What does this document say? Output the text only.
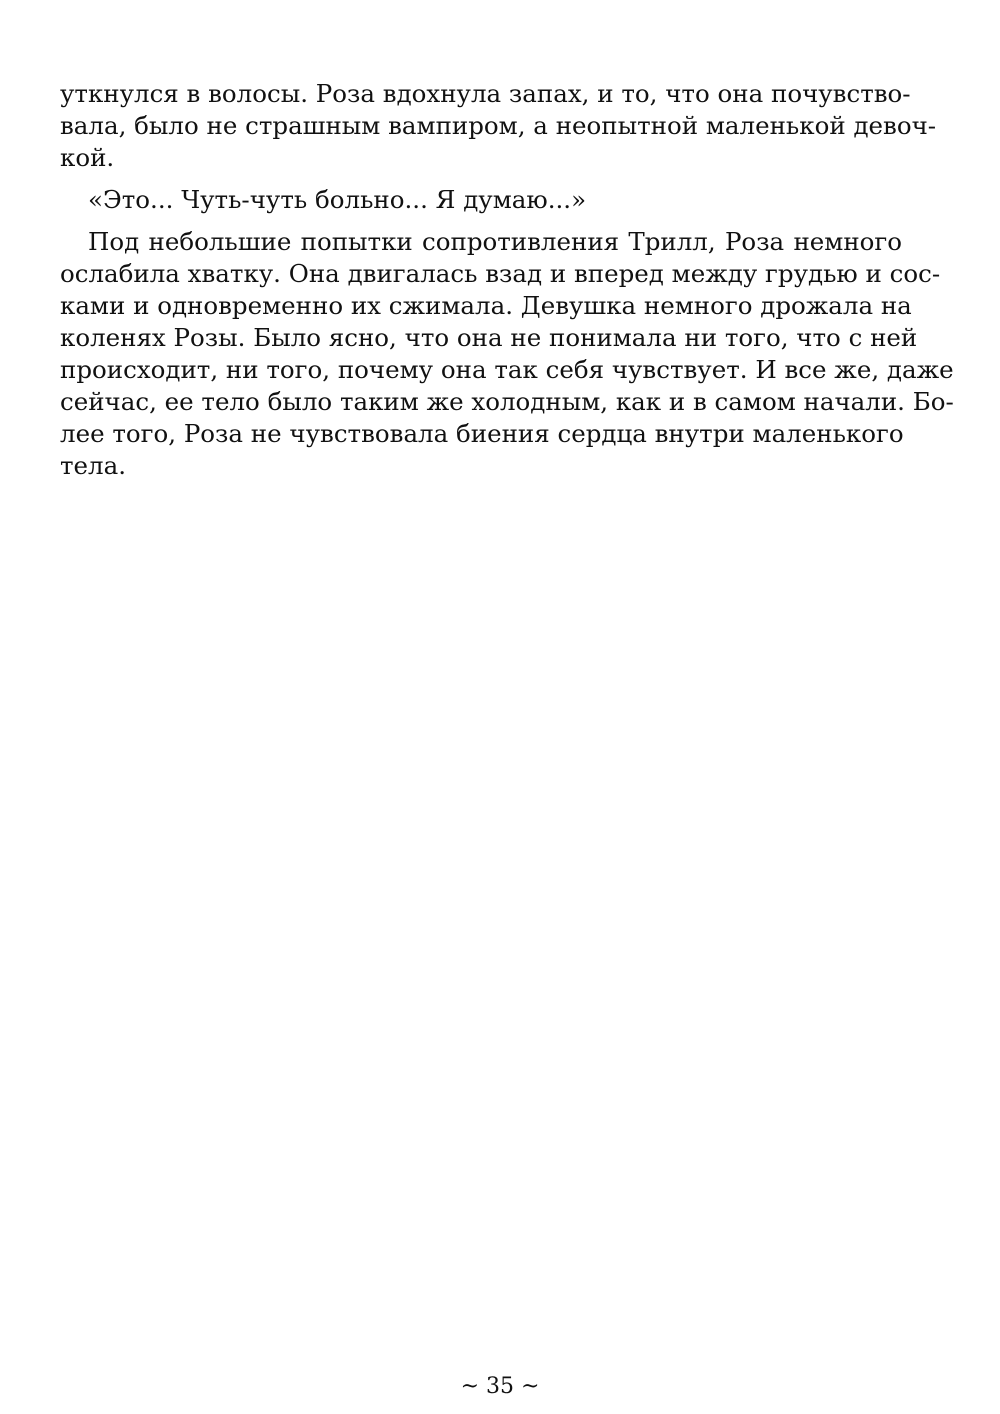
уткнулся в волосы. Роза вдохнула запах, и то, что она почувство-
вала, было не страшным вампиром, а неопытной маленькой девоч-
кой.
«Это... Чуть-чуть больно... Я думаю...»
Под небольшие попытки сопротивления Трилл, Роза немного
ослабила хватку. Она двигалась взад и вперед между грудью и сос-
ками и одновременно их сжимала. Девушка немного дрожала на
коленях Розы. Было ясно, что она не понимала ни того, что с ней
происходит, ни того, почему она так себя чувствует. И все же, даже
сейчас, ее тело было таким же холодным, как и в самом начали. Бо-
лее того, Роза не чувствовала биения сердца внутри маленького
тела.
~ 35 ~
